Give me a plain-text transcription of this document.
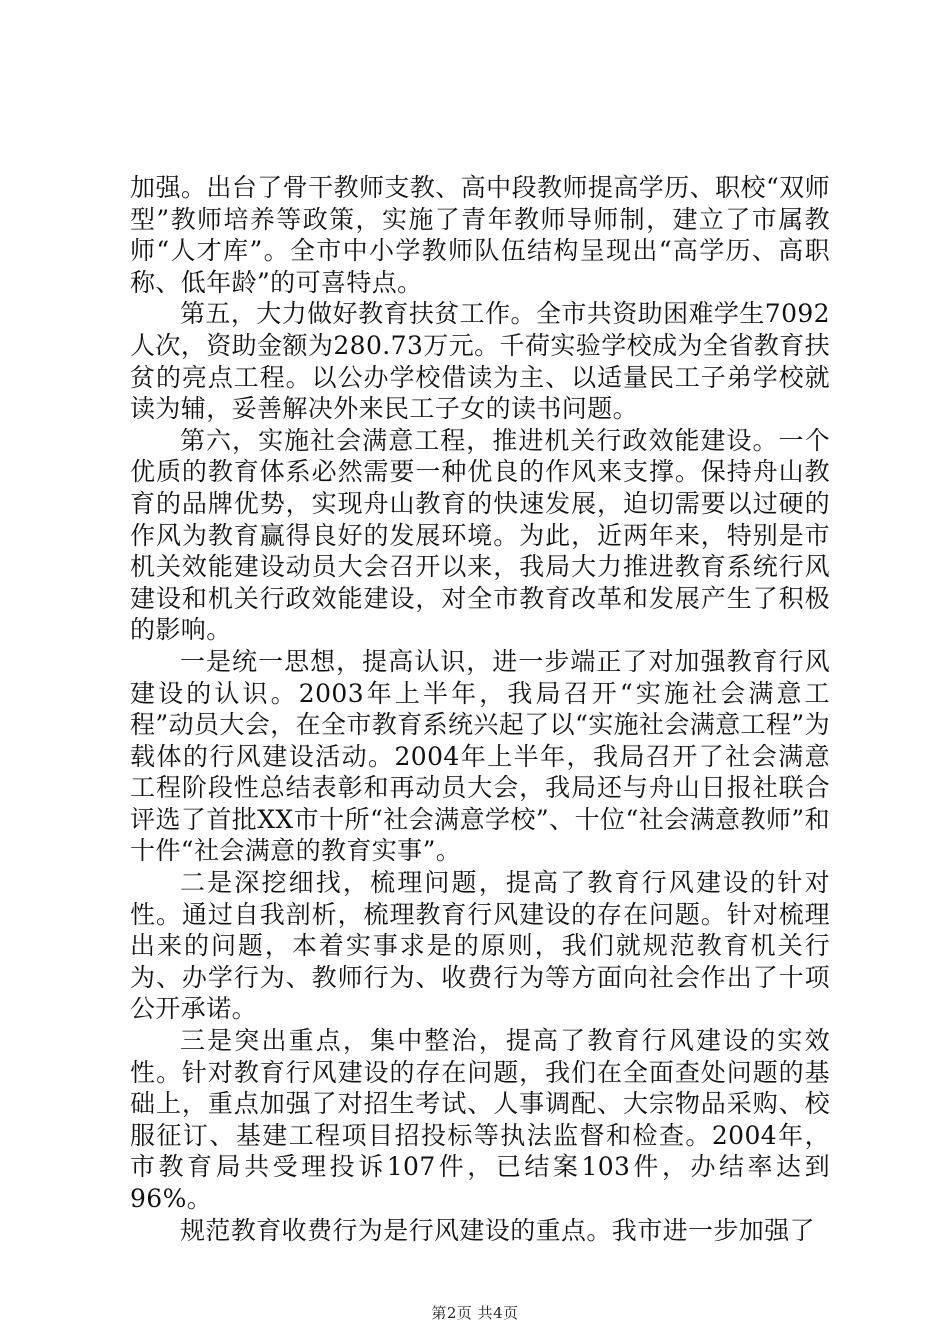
加强。出台了骨干教师支教、高中段教师提高学历、职校“双师型”教师培养等政策，实施了青年教师导师制，建立了市属教师“人才库”。全市中小学教师队伍结构呈现出“高学历、高职称、低年龄”的可喜特点。

第五，大力做好教育扶贫工作。全市共资助困难学生7092人次，资助金额为280.73万元。千荷实验学校成为全省教育扶贫的亮点工程。以公办学校借读为主、以适量民工子弟学校就读为辅，妥善解决外来民工子女的读书问题。

第六，实施社会满意工程，推进机关行政效能建设。一个优质的教育体系必然需要一种优良的作风来支撑。保持舟山教育的品牌优势，实现舟山教育的快速发展，迫切需要以过硬的作风为教育赢得良好的发展环境。为此，近两年来，特别是市机关效能建设动员大会召开以来，我局大力推进教育系统行风建设和机关行政效能建设，对全市教育改革和发展产生了积极的影响。

一是统一思想，提高认识，进一步端正了对加强教育行风建设的认识。2003年上半年，我局召开“实施社会满意工程”动员大会，在全市教育系统兴起了以“实施社会满意工程”为载体的行风建设活动。2004年上半年，我局召开了社会满意工程阶段性总结表彰和再动员大会，我局还与舟山日报社联合评选了首批XX市十所“社会满意学校”、十位“社会满意教师”和十件“社会满意的教育实事”。

二是深挖细找，梳理问题，提高了教育行风建设的针对性。通过自我剖析，梳理教育行风建设的存在问题。针对梳理出来的问题，本着实事求是的原则，我们就规范教育机关行为、办学行为、教师行为、收费行为等方面向社会作出了十项公开承诺。

三是突出重点，集中整治，提高了教育行风建设的实效性。针对教育行风建设的存在问题，我们在全面查处问题的基础上，重点加强了对招生考试、人事调配、大宗物品采购、校服征订、基建工程项目招投标等执法监督和检查。2004年，市教育局共受理投诉107件，已结案103件，办结率达到96%。

规范教育收费行为是行风建设的重点。我市进一步加强了

第2页 共4页
